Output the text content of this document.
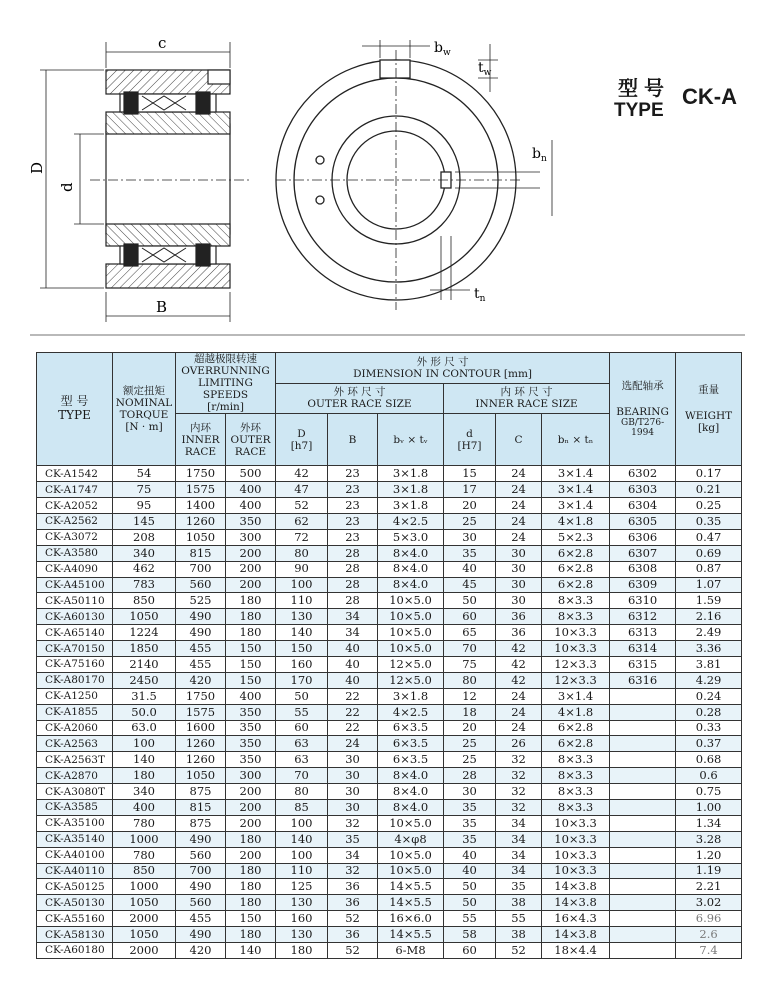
c
D
d
B
$b_w$
$t_w$
$b_n$
$t_n$
型号
TYPE
CK-A
型 号
TYPE	额定扭矩
NOMINAL
TORQUE
[N · m]	超越极限转速
OVERRUNNING
LIMITING SPEEDS
[r/min]		外 形 尺 寸
DIMENSION IN CONTOUR [mm]						选配轴承
BEARING
GB/T276-1994	重量
WEIGHT
[kg]

				外 环 尺 寸
OUTER RACE SIZE			内 环 尺 寸
INNER RACE SIZE				

		内环
INNER
RACE	外环
OUTER
RACE	D
[h7]	B	bᵥ × tᵥ	d
[H7]	C	bₙ × tₙ		

CK-A1542	54	1750	500	42	23	3×1.8	15	24	3×1.4	6302	0.17
CK-A1747	75	1575	400	47	23	3×1.8	17	24	3×1.4	6303	0.21
CK-A2052	95	1400	400	52	23	3×1.8	20	24	3×1.4	6304	0.25
CK-A2562	145	1260	350	62	23	4×2.5	25	24	4×1.8	6305	0.35
CK-A3072	208	1050	300	72	23	5×3.0	30	24	5×2.3	6306	0.47
CK-A3580	340	815	200	80	28	8×4.0	35	30	6×2.8	6307	0.69
CK-A4090	462	700	200	90	28	8×4.0	40	30	6×2.8	6308	0.87
CK-A45100	783	560	200	100	28	8×4.0	45	30	6×2.8	6309	1.07
CK-A50110	850	525	180	110	28	10×5.0	50	30	8×3.3	6310	1.59
CK-A60130	1050	490	180	130	34	10×5.0	60	36	8×3.3	6312	2.16
CK-A65140	1224	490	180	140	34	10×5.0	65	36	10×3.3	6313	2.49
CK-A70150	1850	455	150	150	40	10×5.0	70	42	10×3.3	6314	3.36
CK-A75160	2140	455	150	160	40	12×5.0	75	42	12×3.3	6315	3.81
CK-A80170	2450	420	150	170	40	12×5.0	80	42	12×3.3	6316	4.29
CK-A1250	31.5	1750	400	50	22	3×1.8	12	24	3×1.4		0.24
CK-A1855	50.0	1575	350	55	22	4×2.5	18	24	4×1.8		0.28
CK-A2060	63.0	1600	350	60	22	6×3.5	20	24	6×2.8		0.33
CK-A2563	100	1260	350	63	24	6×3.5	25	26	6×2.8		0.37
CK-A2563T	140	1260	350	63	30	6×3.5	25	32	8×3.3		0.68
CK-A2870	180	1050	300	70	30	8×4.0	28	32	8×3.3		0.6
CK-A3080T	340	875	200	80	30	8×4.0	30	32	8×3.3		0.75
CK-A3585	400	815	200	85	30	8×4.0	35	32	8×3.3		1.00
CK-A35100	780	875	200	100	32	10×5.0	35	34	10×3.3		1.34
CK-A35140	1000	490	180	140	35	4×φ8	35	34	10×3.3		3.28
CK-A40100	780	560	200	100	34	10×5.0	40	34	10×3.3		1.20
CK-A40110	850	700	180	110	32	10×5.0	40	34	10×3.3		1.19
CK-A50125	1000	490	180	125	36	14×5.5	50	35	14×3.8		2.21
CK-A50130	1050	560	180	130	36	14×5.5	50	38	14×3.8		3.02
CK-A55160	2000	455	150	160	52	16×6.0	55	55	16×4.3		6.96
CK-A58130	1050	490	180	130	36	14×5.5	58	38	14×3.8		2.6
CK-A60180	2000	420	140	180	52	6-M8	60	52	18×4.4		7.4
